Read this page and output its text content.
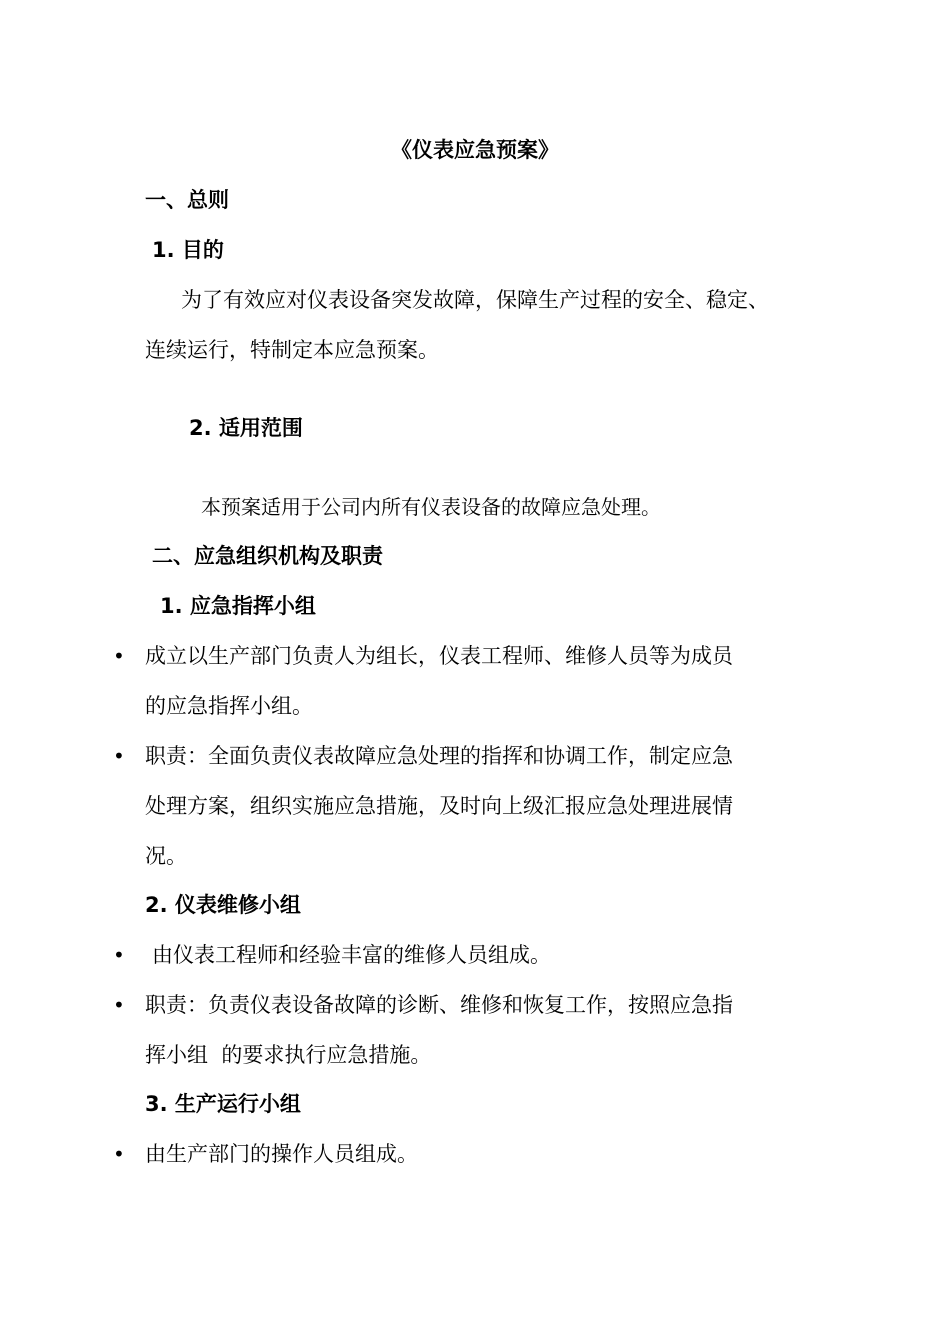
《仪表应急预案》
一、总则
1. 目的
为了有效应对仪表设备突发故障，保障生产过程的安全、稳定、
连续运行，特制定本应急预案。
2. 适用范围
本预案适用于公司内所有仪表设备的故障应急处理。
二、应急组织机构及职责
1. 应急指挥小组
• 成立以生产部门负责人为组长，仪表工程师、维修人员等为成员
的应急指挥小组。
• 职责：全面负责仪表故障应急处理的指挥和协调工作，制定应急
处理方案，组织实施应急措施，及时向上级汇报应急处理进展情
况。
2. 仪表维修小组
• 由仪表工程师和经验丰富的维修人员组成。
• 职责：负责仪表设备故障的诊断、维修和恢复工作，按照应急指
挥小组  的要求执行应急措施。
3. 生产运行小组
• 由生产部门的操作人员组成。
